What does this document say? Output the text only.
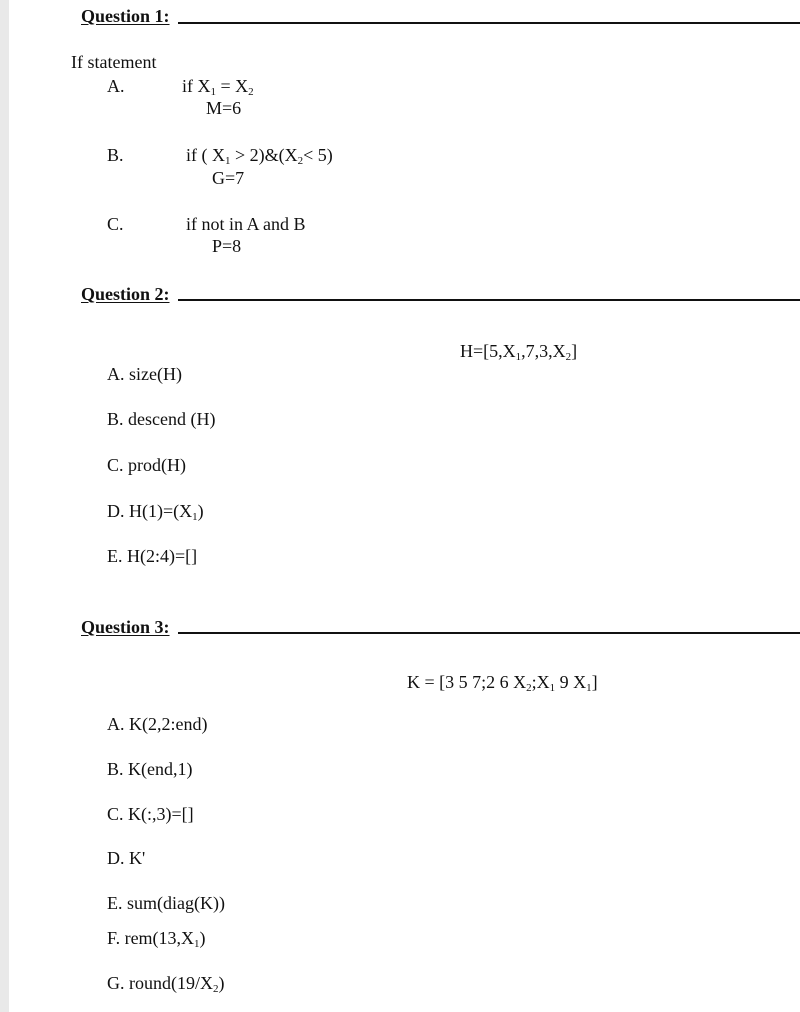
Question 1:
If statement
A.	if $X_1 = X_2$
M=6
B.	if ( $X_1$ > $2)\&(X_2< 5)$
G=7
C.	if not in A and B
P=8
Question 2:
$H=[5,X_1,7,3,X_2]$
A. size(H)
B. descend (H)
C. prod(H)
D. $H(1)=(X_1)$
E. H(2:4)=[]
Question 3:
K = [3 5 7;2 6 $X_2;X_1$ 9 $X_1$]
A. K(2,2:end)
B. K(end,1)
C. K(:,3)=[]
D. K'
E. sum(diag(K))
F. $rem(13,X_1)$
G. $round(19/X_2)$
